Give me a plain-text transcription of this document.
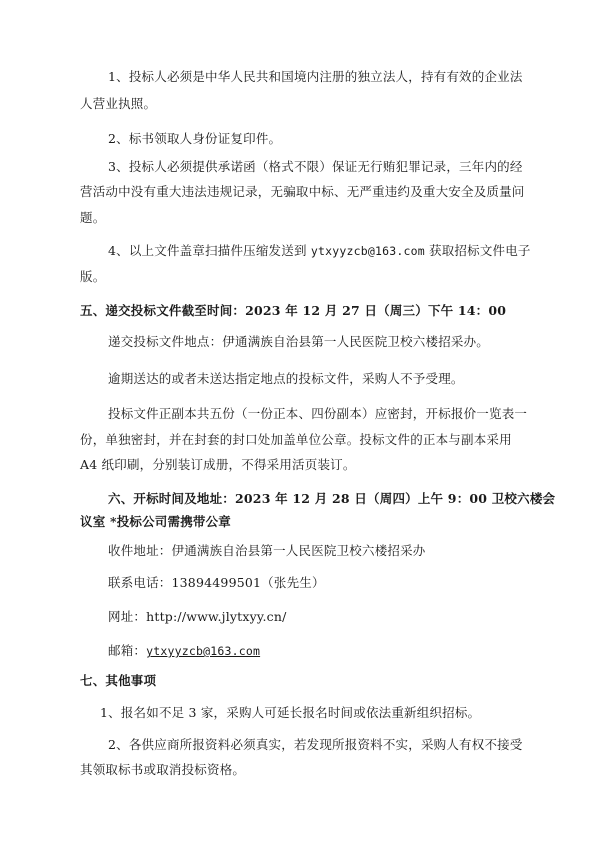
1、投标人必须是中华人民共和国境内注册的独立法人，持有有效的企业法
人营业执照。
2、标书领取人身份证复印件。
3、投标人必须提供承诺函（格式不限）保证无行贿犯罪记录，三年内的经
营活动中没有重大违法违规记录，无骗取中标、无严重违约及重大安全及质量问
题。
4、以上文件盖章扫描件压缩发送到 ytxyyzcb@163.com 获取招标文件电子
版。
五、递交投标文件截至时间：2023 年 12 月 27 日（周三）下午 14：00
递交投标文件地点：伊通满族自治县第一人民医院卫校六楼招采办。
逾期送达的或者未送达指定地点的投标文件，采购人不予受理。
投标文件正副本共五份（一份正本、四份副本）应密封，开标报价一览表一
份，单独密封，并在封套的封口处加盖单位公章。投标文件的正本与副本采用
A4 纸印刷，分别装订成册，不得采用活页装订。
六、开标时间及地址：2023 年 12 月 28 日（周四）上午 9：00 卫校六楼会
议室 *投标公司需携带公章
收件地址：伊通满族自治县第一人民医院卫校六楼招采办
联系电话：13894499501（张先生）
网址：http://www.jlytxyy.cn/
邮箱：ytxyyzcb@163.com
七、其他事项
1、报名如不足 3 家，采购人可延长报名时间或依法重新组织招标。
2、各供应商所报资料必须真实，若发现所报资料不实，采购人有权不接受
其领取标书或取消投标资格。
